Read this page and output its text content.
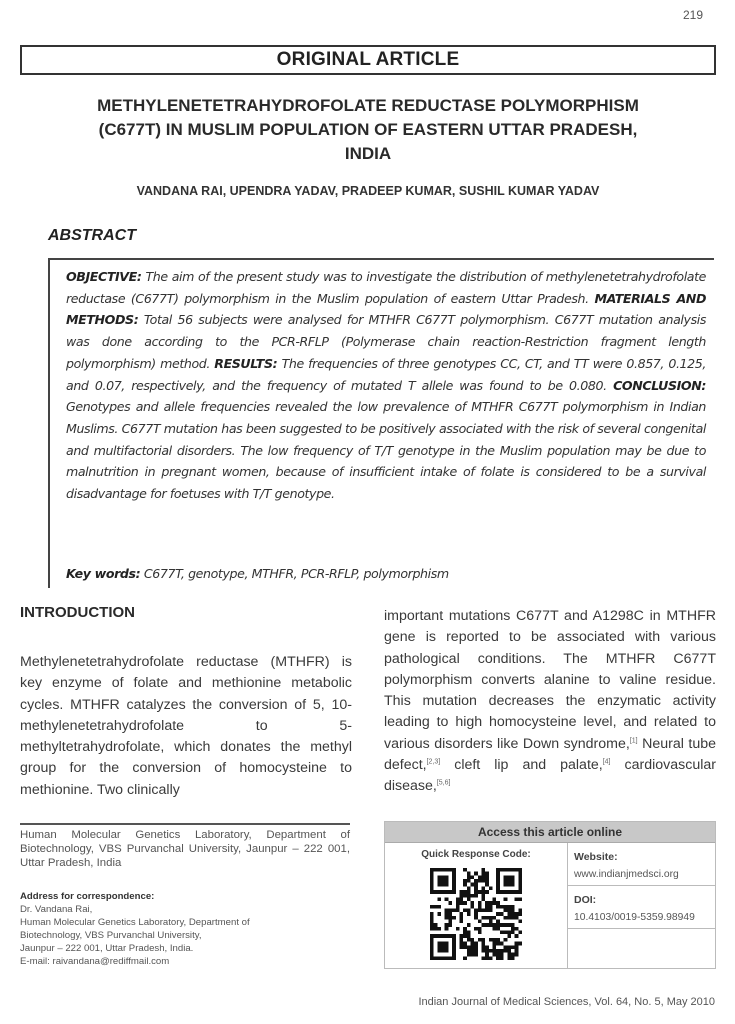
219
ORIGINAL ARTICLE
METHYLENETETRAHYDROFOLATE REDUCTASE POLYMORPHISM
(C677T) IN MUSLIM POPULATION OF EASTERN UTTAR PRADESH,
INDIA
VANDANA RAI, UPENDRA YADAV, PRADEEP KUMAR, SUSHIL KUMAR YADAV
ABSTRACT
OBJECTIVE: The aim of the present study was to investigate the distribution of methylenetetrahydrofolate reductase (C677T) polymorphism in the Muslim population of eastern Uttar Pradesh. MATERIALS AND METHODS: Total 56 subjects were analysed for MTHFR C677T polymorphism. C677T mutation analysis was done according to the PCR-RFLP (Polymerase chain reaction-Restriction fragment length polymorphism) method. RESULTS: The frequencies of three genotypes CC, CT, and TT were 0.857, 0.125, and 0.07, respectively, and the frequency of mutated T allele was found to be 0.080. CONCLUSION: Genotypes and allele frequencies revealed the low prevalence of MTHFR C677T polymorphism in Indian Muslims. C677T mutation has been suggested to be positively associated with the risk of several congenital and multifactorial disorders. The low frequency of T/T genotype in the Muslim population may be due to malnutrition in pregnant women, because of insufficient intake of folate is considered to be a survival disadvantage for foetuses with T/T genotype.
Key words: C677T, genotype, MTHFR, PCR-RFLP, polymorphism
INTRODUCTION
Methylenetetrahydrofolate reductase (MTHFR) is key enzyme of folate and methionine metabolic cycles. MTHFR catalyzes the conversion of 5, 10-methylenetetrahydrofolate to 5-methyltetrahydrofolate, which donates the methyl group for the conversion of homocysteine to methionine. Two clinically
important mutations C677T and A1298C in MTHFR gene is reported to be associated with various pathological conditions. The MTHFR C677T polymorphism converts alanine to valine residue. This mutation decreases the enzymatic activity leading to high homocysteine level, and related to various disorders like Down syndrome,[1] Neural tube defect,[2,3] cleft lip and palate,[4] cardiovascular disease,[5,6]
Human Molecular Genetics Laboratory, Department of Biotechnology, VBS Purvanchal University, Jaunpur – 222 001, Uttar Pradesh, India
Address for correspondence:
Dr. Vandana Rai,
Human Molecular Genetics Laboratory, Department of
Biotechnology, VBS Purvanchal University,
Jaunpur – 222 001, Uttar Pradesh, India.
E-mail: raivandana@rediffmail.com
Access this article online
Quick Response Code:	Website:
www.indianjmedsci.org
DOI:
10.4103/0019-5359.98949
Indian Journal of Medical Sciences, Vol. 64, No. 5, May 2010
